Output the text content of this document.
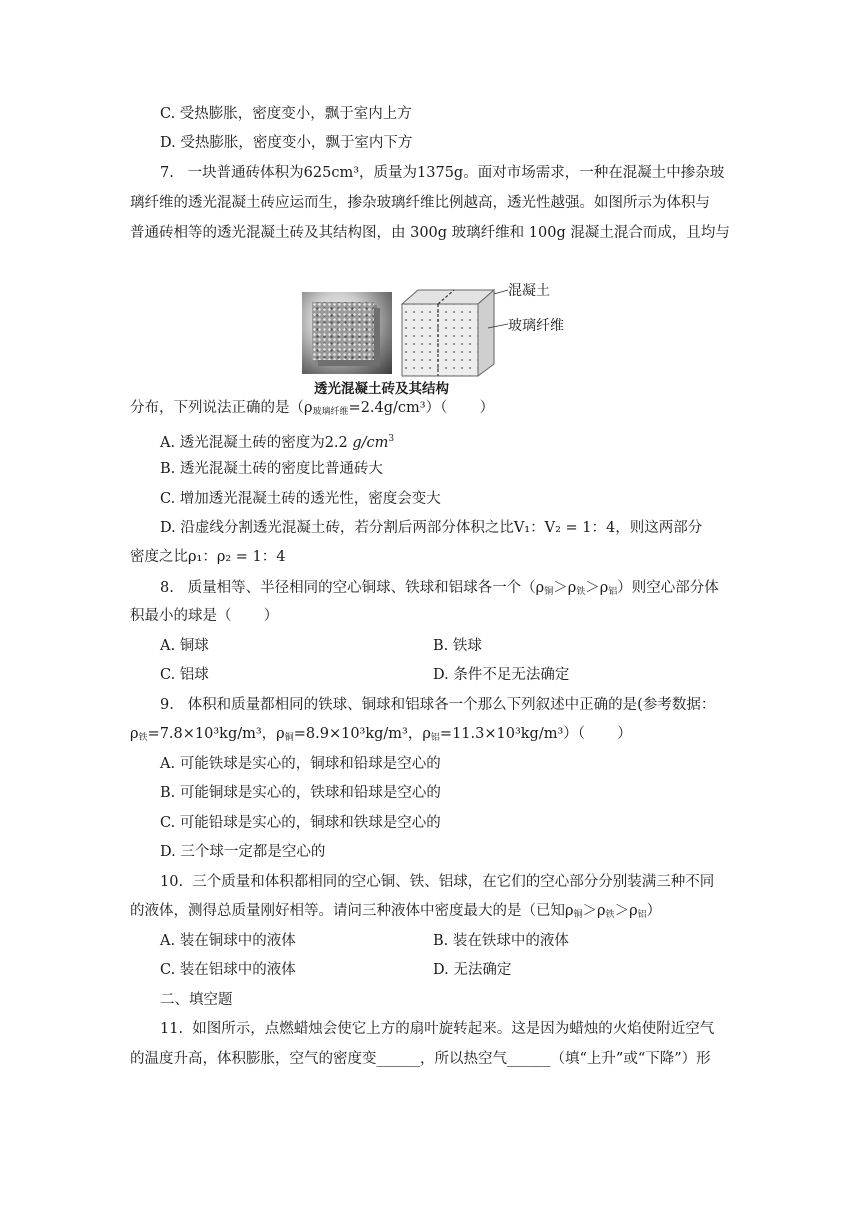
C. 受热膨胀，密度变小，飘于室内上方
D. 受热膨胀，密度变小，飘于室内下方
7.   一块普通砖体积为625cm³，质量为1375g。面对市场需求，一种在混凝土中掺杂玻
璃纤维的透光混凝土砖应运而生，掺杂玻璃纤维比例越高，透光性越强。如图所示为体积与
普通砖相等的透光混凝土砖及其结构图，由 300g 玻璃纤维和 100g 混凝土混合而成，且均与
混凝土
玻璃纤维
透光混凝土砖及其结构
分布，下列说法正确的是$(\rho_{玻璃纤维}=2.4g/cm^3)$（       ）
A. 透光混凝土砖的密度为2.2 $g/cm^3$
B. 透光混凝土砖的密度比普通砖大
C. 增加透光混凝土砖的透光性，密度会变大
D. 沿虚线分割透光混凝土砖，若分割后两部分体积之比V₁：V₂ = 1：4，则这两部分
密度之比ρ₁：ρ₂ = 1：4
8.   质量相等、半径相同的空心铜球、铁球和铝球各一个$(\rho_铜>\rho_铁>\rho_铝)$则空心部分体
积最小的球是（       ）
A. 铜球	B. 铁球
C. 铝球	D. 条件不足无法确定
9.   体积和质量都相同的铁球、铜球和铝球各一个那么下列叙述中正确的是(参考数据：
$\rho_铁=7.8\times 10^3kg/m^3$，$\rho_铜=8.9\times 10^3kg/m^3$，$\rho_铝=11.3\times 10^3kg/m^3$）（       ）
A. 可能铁球是实心的，铜球和铅球是空心的
B. 可能铜球是实心的，铁球和铅球是空心的
C. 可能铅球是实心的，铜球和铁球是空心的
D. 三个球一定都是空心的
10.  三个质量和体积都相同的空心铜、铁、铝球，在它们的空心部分分别装满三种不同
的液体，测得总质量刚好相等。请问三种液体中密度最大的是（已知$\rho_铜>\rho_铁>\rho_铝$）
A. 装在铜球中的液体	B. 装在铁球中的液体
C. 装在铝球中的液体	D. 无法确定
二、填空题
11.  如图所示，点燃蜡烛会使它上方的扇叶旋转起来。这是因为蜡烛的火焰使附近空气
的温度升高，体积膨胀，空气的密度变______，所以热空气______（填“上升”或“下降”）形
